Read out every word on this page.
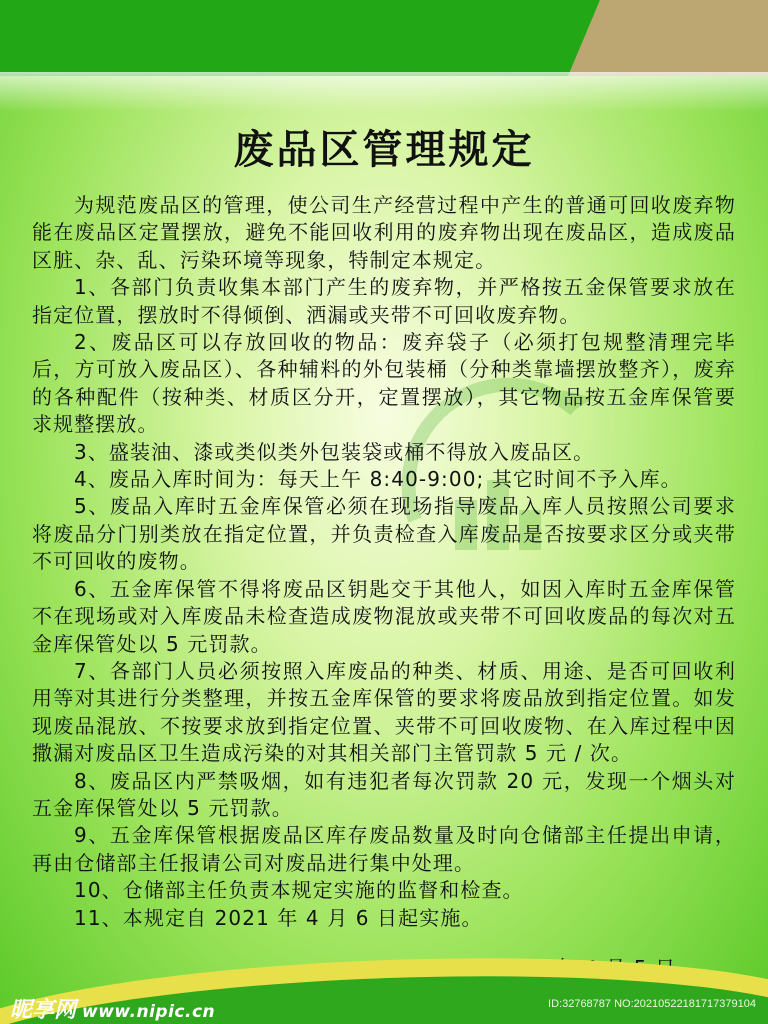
废品区管理规定

为规范废品区的管理，使公司生产经营过程中产生的普通可回收废弃物能在废品区定置摆放，避免不能回收利用的废弃物出现在废品区，造成废品区脏、杂、乱、污染环境等现象，特制定本规定。

1、各部门负责收集本部门产生的废弃物，并严格按五金保管要求放在指定位置，摆放时不得倾倒、洒漏或夹带不可回收废弃物。

2、废品区可以存放回收的物品：废弃袋子（必须打包规整清理完毕后，方可放入废品区）、各种辅料的外包装桶（分种类靠墙摆放整齐），废弃的各种配件（按种类、材质区分开，定置摆放），其它物品按五金库保管要求规整摆放。

3、盛装油、漆或类似类外包装袋或桶不得放入废品区。

4、废品入库时间为：每天上午 8:40-9:00; 其它时间不予入库。

5、废品入库时五金库保管必须在现场指导废品入库人员按照公司要求将废品分门别类放在指定位置，并负责检查入库废品是否按要求区分或夹带不可回收的废物。

6、五金库保管不得将废品区钥匙交于其他人，如因入库时五金库保管不在现场或对入库废品未检查造成废物混放或夹带不可回收废品的每次对五金库保管处以 5 元罚款。

7、各部门人员必须按照入库废品的种类、材质、用途、是否可回收利用等对其进行分类整理，并按五金库保管的要求将废品放到指定位置。如发现废品混放、不按要求放到指定位置、夹带不可回收废物、在入库过程中因撒漏对废品区卫生造成污染的对其相关部门主管罚款 5 元 / 次。

8、废品区内严禁吸烟，如有违犯者每次罚款 20 元，发现一个烟头对五金库保管处以 5 元罚款。

9、五金库保管根据废品区库存废品数量及时向仓储部主任提出申请，再由仓储部主任报请公司对废品进行集中处理。

10、仓储部主任负责本规定实施的监督和检查。

11、本规定自 2021 年 4 月 6 日起实施。

昵享网 www.nipic.cn	ID:32768787 NO:20210522181717379104
